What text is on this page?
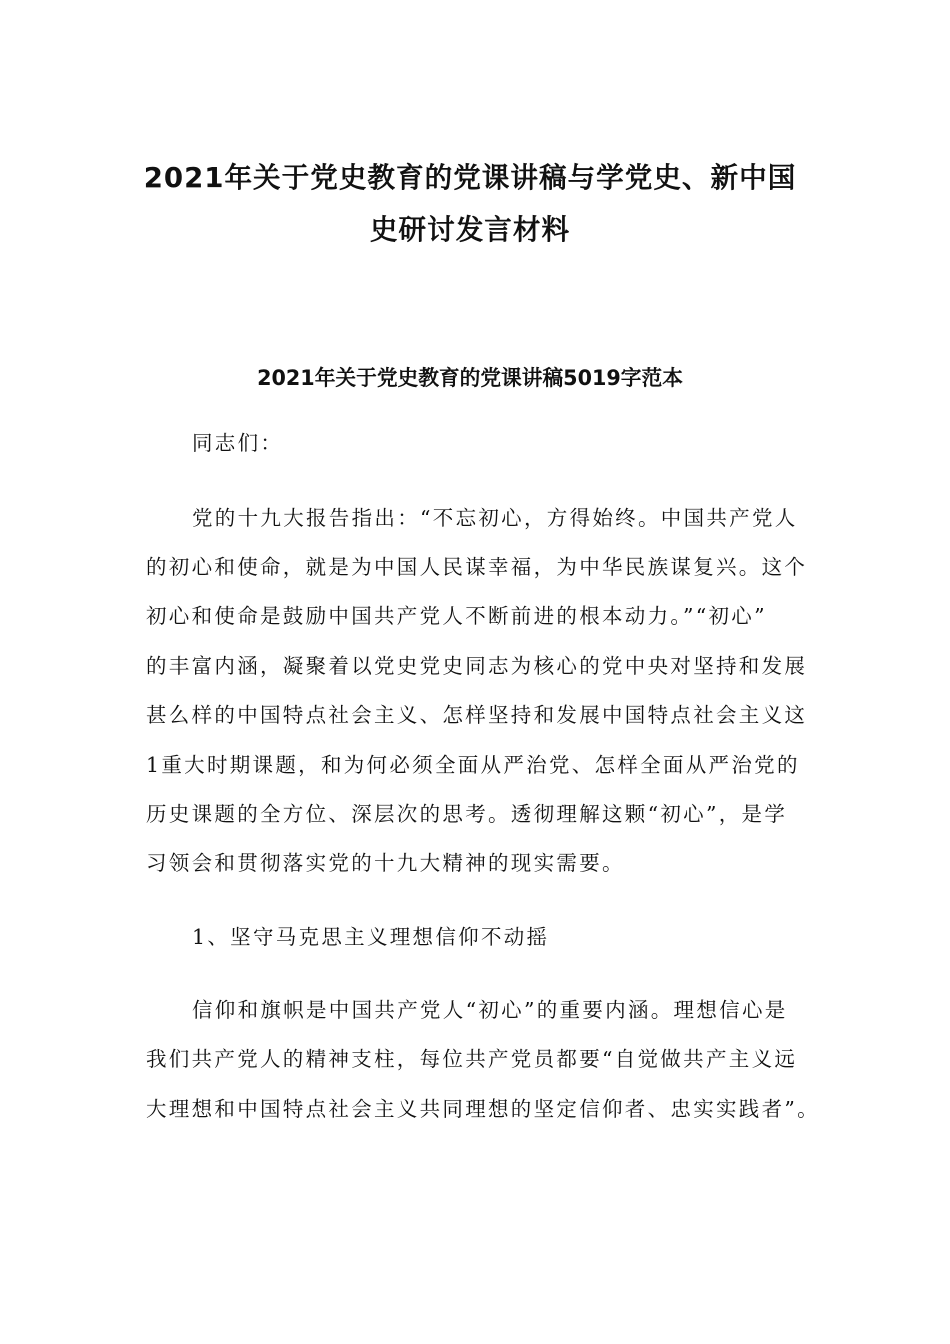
2021年关于党史教育的党课讲稿与学党史、新中国
史研讨发言材料
2021年关于党史教育的党课讲稿5019字范本
同志们：
党的十九大报告指出：“不忘初心，方得始终。中国共产党人
的初心和使命，就是为中国人民谋幸福，为中华民族谋复兴。这个
初心和使命是鼓励中国共产党人不断前进的根本动力。”“初心”
的丰富内涵，凝聚着以党史党史同志为核心的党中央对坚持和发展
甚么样的中国特点社会主义、怎样坚持和发展中国特点社会主义这
1重大时期课题，和为何必须全面从严治党、怎样全面从严治党的
历史课题的全方位、深层次的思考。透彻理解这颗“初心”，是学
习领会和贯彻落实党的十九大精神的现实需要。
1、坚守马克思主义理想信仰不动摇
信仰和旗帜是中国共产党人“初心”的重要内涵。理想信心是
我们共产党人的精神支柱，每位共产党员都要“自觉做共产主义远
大理想和中国特点社会主义共同理想的坚定信仰者、忠实实践者”。
